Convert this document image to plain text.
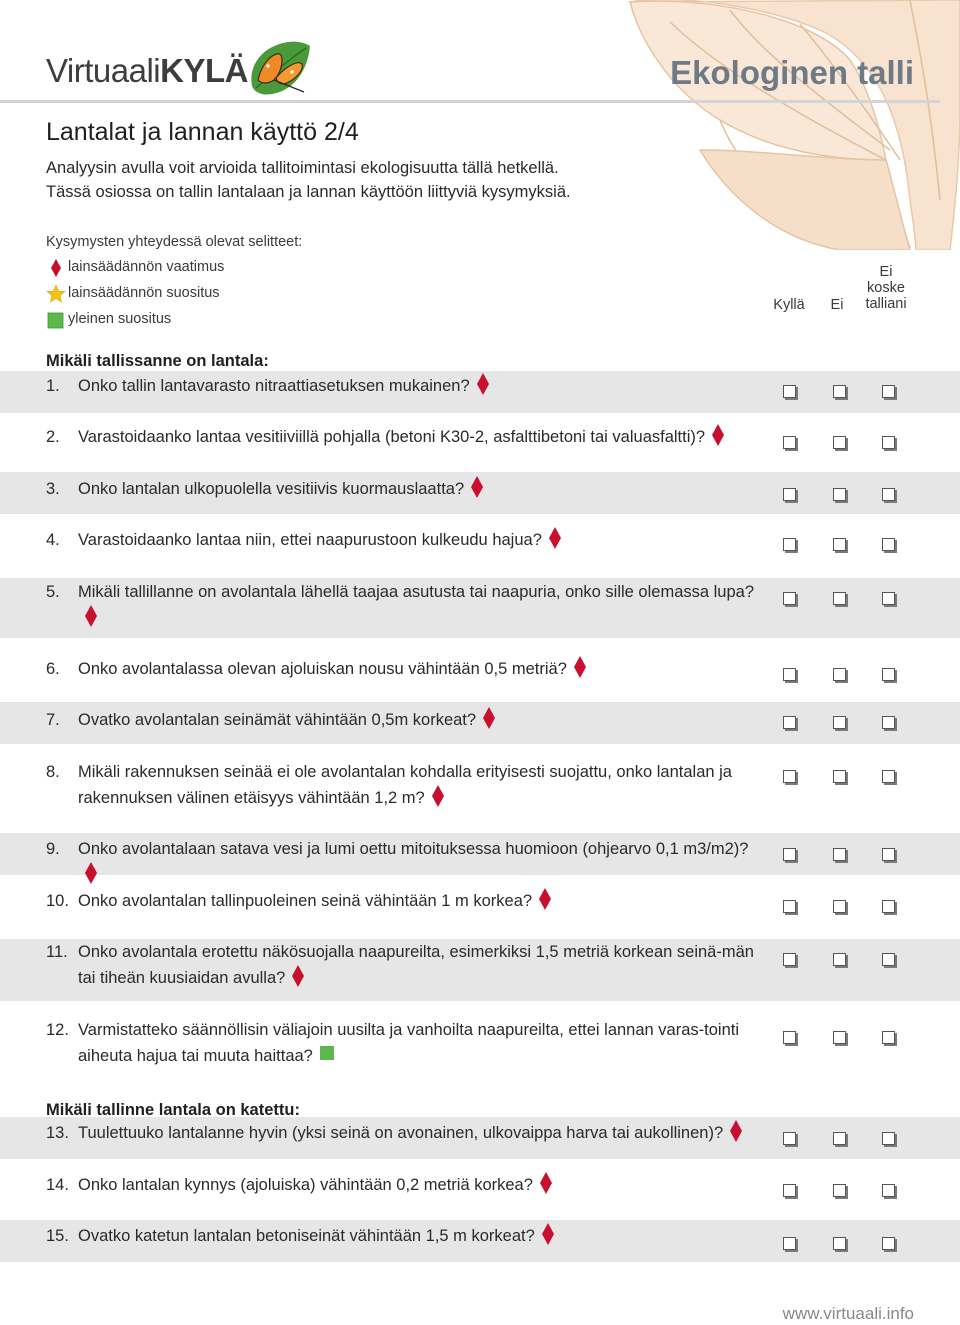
VirtuaaliKYLÄ	Ekologinen talli
Lantalat ja lannan käyttö 2/4
Analyysin avulla voit arvioida tallitoimintasi ekologisuutta tällä hetkellä.
Tässä osiossa on tallin lantalaan ja lannan käyttöön liittyviä kysymyksiä.
Kysymysten yhteydessä olevat selitteet:
lainsäädännön vaatimus
lainsäädännön suositus
yleinen suositus
Kyllä	Ei
Ei
koske
talliani
Mikäli tallissanne on lantala:
Mikäli tallinne lantala on katettu:
1. Onko tallin lantavarasto nitraattiasetuksen mukainen?
2. Varastoidaanko lantaa vesitiiviillä pohjalla (betoni K30-2, asfalttibetoni tai valuasfaltti)?
3. Onko lantalan ulkopuolella vesitiivis kuormauslaatta?
4. Varastoidaanko lantaa niin, ettei naapurustoon kulkeudu hajua?
5. Mikäli tallillanne on avolantala lähellä taajaa asutusta tai naapuria, onko sille olemassa lupa?
6. Onko avolantalassa olevan ajoluiskan nousu vähintään 0,5 metriä?
7. Ovatko avolantalan seinämät vähintään 0,5m korkeat?
8. Mikäli rakennuksen seinää ei ole avolantalan kohdalla erityisesti suojattu, onko lantalan ja rakennuksen välinen etäisyys vähintään 1,2 m?
9. Onko avolantalaan satava vesi ja lumi oettu mitoituksessa huomioon (ohjearvo 0,1 m3/m2)?
10. Onko avolantalan tallinpuoleinen seinä vähintään 1 m korkea?
11. Onko avolantala erotettu näkösuojalla naapureilta, esimerkiksi 1,5 metriä korkean seinä-män tai tiheän kuusiaidan avulla?
12. Varmistatteko säännöllisin väliajoin uusilta ja vanhoilta naapureilta, ettei lannan varas-tointi aiheuta hajua tai muuta haittaa?
13. Tuulettuuko lantalanne hyvin (yksi seinä on avonainen, ulkovaippa harva tai aukollinen)?
14. Onko lantalan kynnys (ajoluiska) vähintään 0,2 metriä korkea?
15. Ovatko katetun lantalan betoniseinät vähintään 1,5 m korkeat?
www.virtuaali.info
